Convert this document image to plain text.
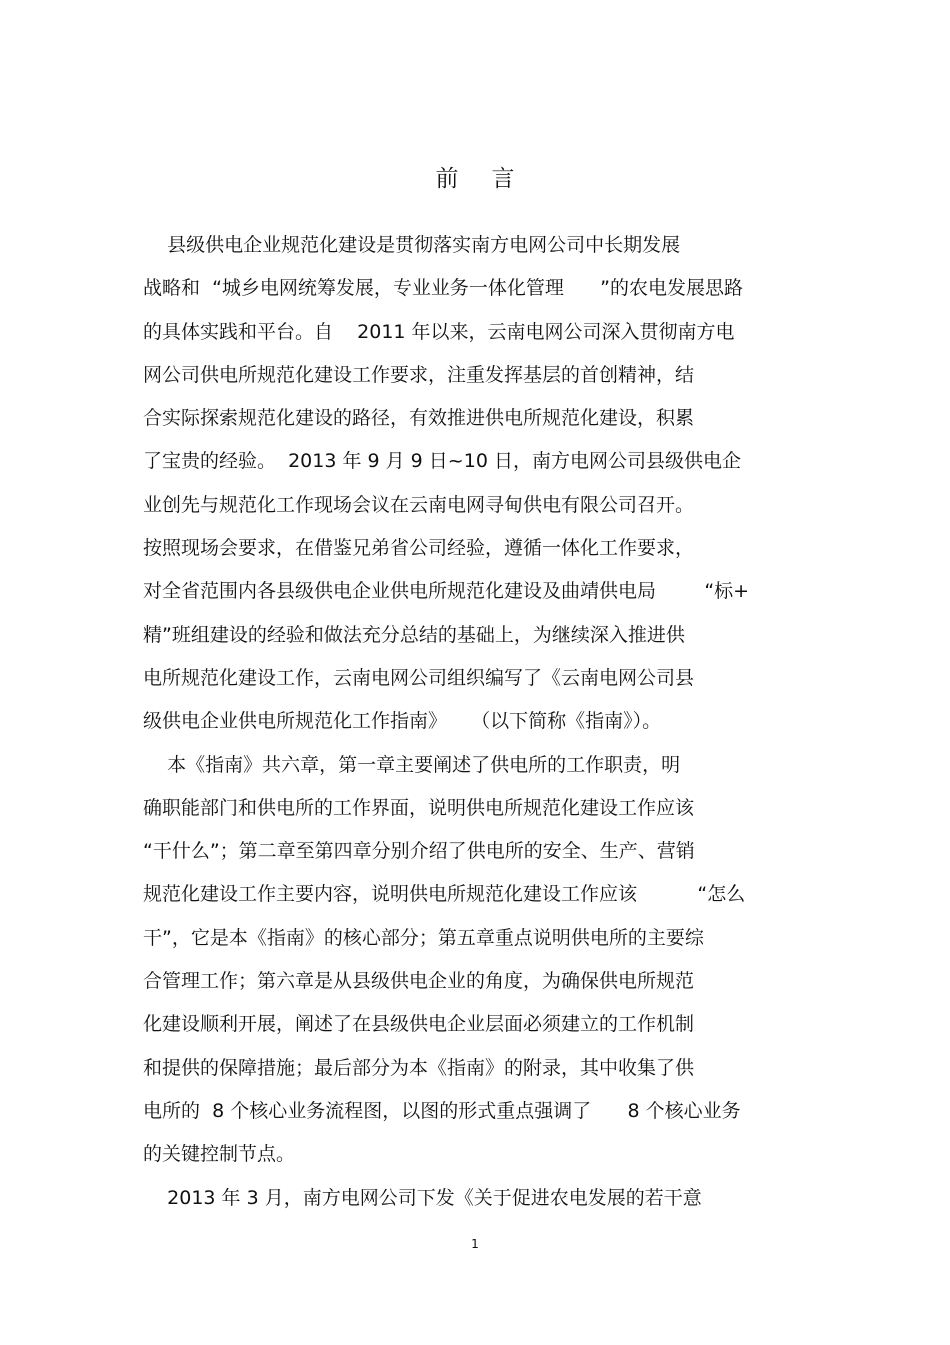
前言
县级供电企业规范化建设是贯彻落实南方电网公司中长期发展
战略和  “城乡电网统筹发展，专业业务一体化管理      ”的农电发展思路
的具体实践和平台。自    2011 年以来，云南电网公司深入贯彻南方电
网公司供电所规范化建设工作要求，注重发挥基层的首创精神，结
合实际探索规范化建设的路径，有效推进供电所规范化建设，积累
了宝贵的经验。  2013 年 9 月 9 日~10 日，南方电网公司县级供电企
业创先与规范化工作现场会议在云南电网寻甸供电有限公司召开。
按照现场会要求，在借鉴兄弟省公司经验，遵循一体化工作要求，
对全省范围内各县级供电企业供电所规范化建设及曲靖供电局        “标+
精”班组建设的经验和做法充分总结的基础上，为继续深入推进供
电所规范化建设工作，云南电网公司组织编写了《云南电网公司县
级供电企业供电所规范化工作指南》    （以下简称《指南》）。
本《指南》共六章，第一章主要阐述了供电所的工作职责，明
确职能部门和供电所的工作界面，说明供电所规范化建设工作应该
“干什么”；第二章至第四章分别介绍了供电所的安全、生产、营销
规范化建设工作主要内容，说明供电所规范化建设工作应该          “怎么
干”，它是本《指南》的核心部分；第五章重点说明供电所的主要综
合管理工作；第六章是从县级供电企业的角度，为确保供电所规范
化建设顺利开展，阐述了在县级供电企业层面必须建立的工作机制
和提供的保障措施；最后部分为本《指南》的附录，其中收集了供
电所的  8 个核心业务流程图，以图的形式重点强调了      8 个核心业务
的关键控制节点。
2013 年 3 月，南方电网公司下发《关于促进农电发展的若干意
1
